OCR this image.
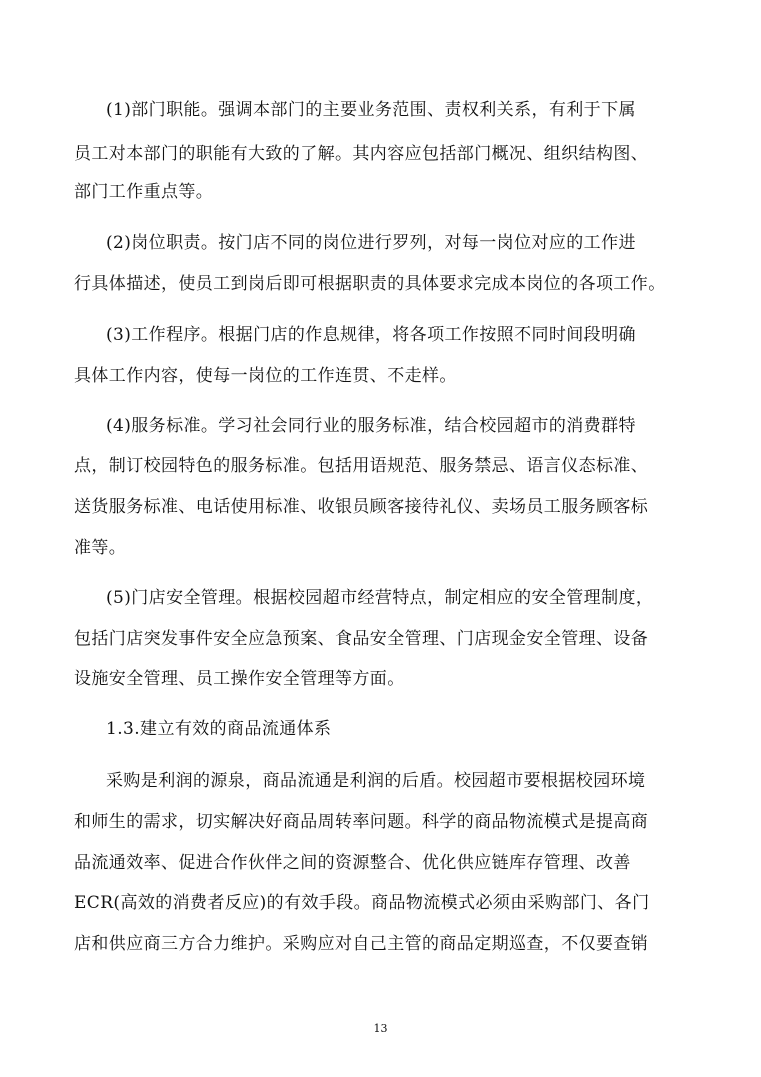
(1)部门职能。强调本部门的主要业务范围、责权利关系，有利于下属
员工对本部门的职能有大致的了解。其内容应包括部门概况、组织结构图、
部门工作重点等。
(2)岗位职责。按门店不同的岗位进行罗列，对每一岗位对应的工作进
行具体描述，使员工到岗后即可根据职责的具体要求完成本岗位的各项工作。
(3)工作程序。根据门店的作息规律，将各项工作按照不同时间段明确
具体工作内容，使每一岗位的工作连贯、不走样。
(4)服务标准。学习社会同行业的服务标准，结合校园超市的消费群特
点，制订校园特色的服务标准。包括用语规范、服务禁忌、语言仪态标准、
送货服务标准、电话使用标准、收银员顾客接待礼仪、卖场员工服务顾客标
准等。
(5)门店安全管理。根据校园超市经营特点，制定相应的安全管理制度，
包括门店突发事件安全应急预案、食品安全管理、门店现金安全管理、设备
设施安全管理、员工操作安全管理等方面。
1.3.建立有效的商品流通体系
采购是利润的源泉，商品流通是利润的后盾。校园超市要根据校园环境
和师生的需求，切实解决好商品周转率问题。科学的商品物流模式是提高商
品流通效率、促进合作伙伴之间的资源整合、优化供应链库存管理、改善
ECR(高效的消费者反应)的有效手段。商品物流模式必须由采购部门、各门
店和供应商三方合力维护。采购应对自己主管的商品定期巡查，不仅要查销
13
